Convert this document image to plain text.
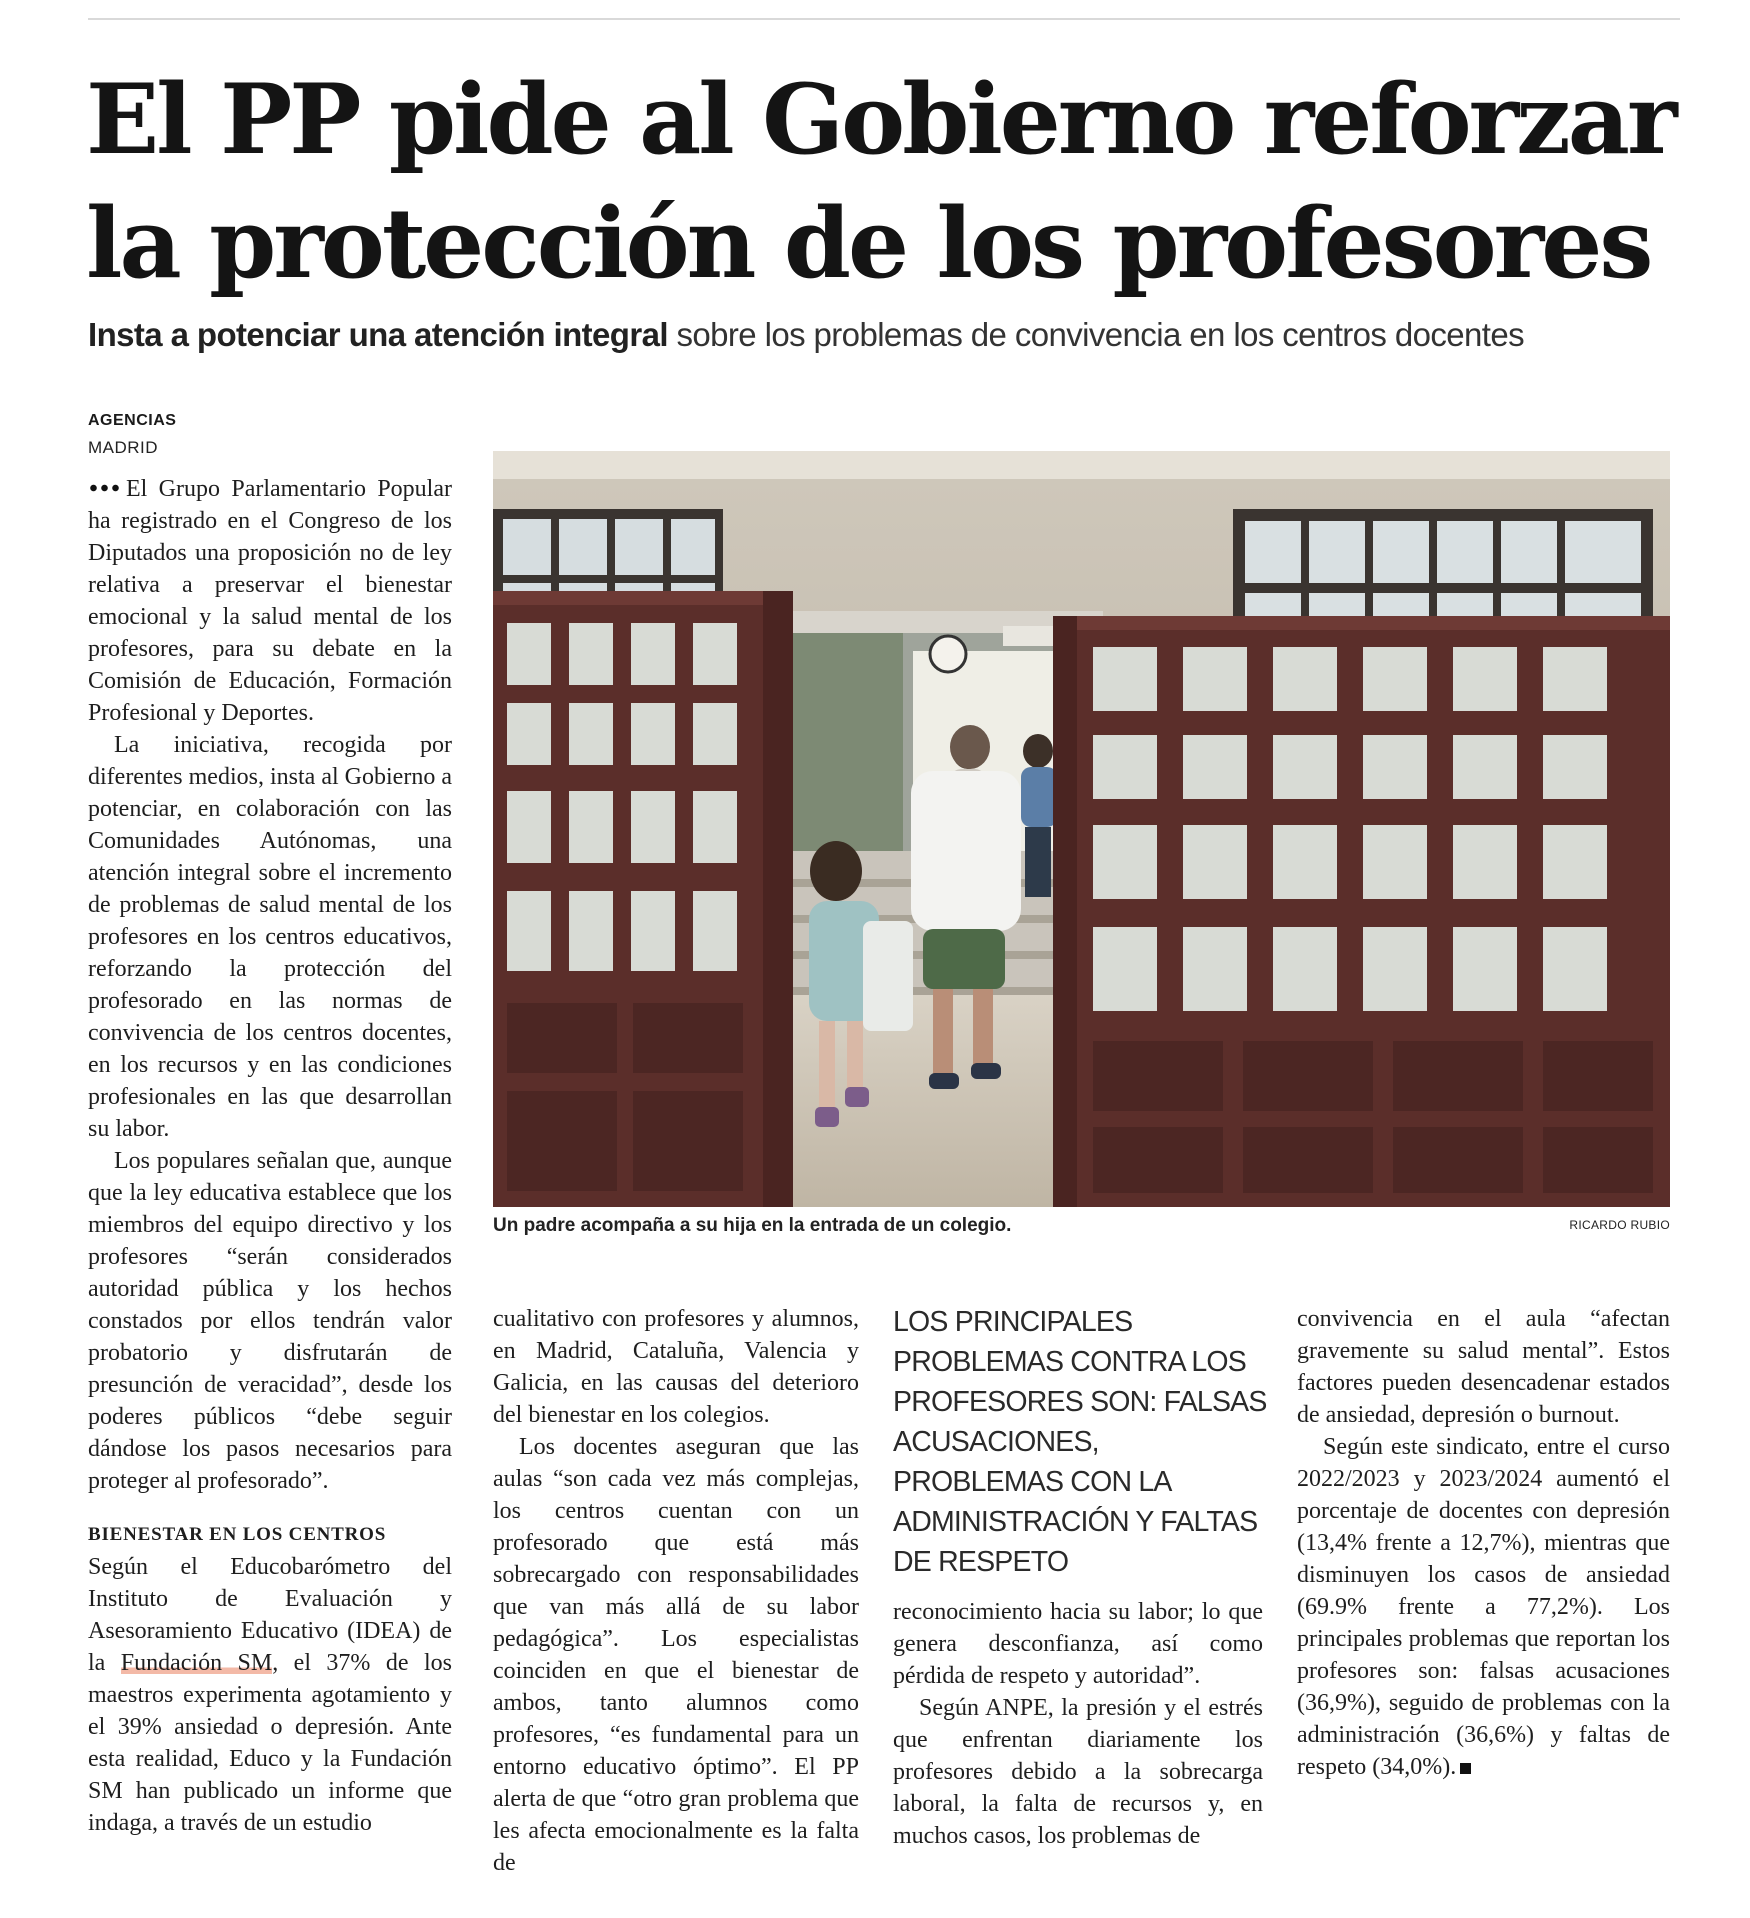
El PP pide al Gobierno reforzar
la protección de los profesores
Insta a potenciar una atención integral sobre los problemas de convivencia en los centros docentes
AGENCIAS
MADRID

El Grupo Parlamentario Popular ha registrado en el Congreso de los Diputados una proposición no de ley relativa a preservar el bienestar emocional y la salud mental de los profesores, para su debate en la Comisión de Educación, Formación Profesional y Deportes.

La iniciativa, recogida por diferentes medios, insta al Gobierno a potenciar, en colaboración con las Comunidades Autónomas, una atención integral sobre el incremento de problemas de salud mental de los profesores en los centros educativos, reforzando la protección del profesorado en las normas de convivencia de los centros docentes, en los recursos y en las condiciones profesionales en las que desarrollan su labor.

Los populares señalan que, aunque que la ley educativa establece que los miembros del equipo directivo y los profesores “serán considerados autoridad pública y los hechos constados por ellos tendrán valor probatorio y disfrutarán de presunción de veracidad”, desde los poderes públicos “debe seguir dándose los pasos necesarios para proteger al profesorado”.

BIENESTAR EN LOS CENTROS

Según el Educobarómetro del Instituto de Evaluación y Asesoramiento Educativo (IDEA) de la Fundación SM, el 37% de los maestros experimenta agotamiento y el 39% ansiedad o depresión. Ante esta realidad, Educo y la Fundación SM han publicado un informe que indaga, a través de un estudio

Un padre acompaña a su hija en la entrada de un colegio.	RICARDO RUBIO

cualitativo con profesores y alumnos, en Madrid, Cataluña, Valencia y Galicia, en las causas del deterioro del bienestar en los colegios.

Los docentes aseguran que las aulas “son cada vez más complejas, los centros cuentan con un profesorado que está más sobrecargado con responsabilidades que van más allá de su labor pedagógica”. Los especialistas coinciden en que el bienestar de ambos, tanto alumnos como profesores, “es fundamental para un entorno educativo óptimo”. El PP alerta de que “otro gran problema que les afecta emocionalmente es la falta de

LOS PRINCIPALES PROBLEMAS CONTRA LOS PROFESORES SON: FALSAS ACUSACIONES, PROBLEMAS CON LA ADMINISTRACIÓN Y FALTAS DE RESPETO

reconocimiento hacia su labor; lo que genera desconfianza, así como pérdida de respeto y autoridad”.

Según ANPE, la presión y el estrés que enfrentan diariamente los profesores debido a la sobrecarga laboral, la falta de recursos y, en muchos casos, los problemas de

convivencia en el aula “afectan gravemente su salud mental”. Estos factores pueden desencadenar estados de ansiedad, depresión o burnout.

Según este sindicato, entre el curso 2022/2023 y 2023/2024 aumentó el porcentaje de docentes con depresión (13,4% frente a 12,7%), mientras que disminuyen los casos de ansiedad (69.9% frente a 77,2%). Los principales problemas que reportan los profesores son: falsas acusaciones (36,9%), seguido de problemas con la administración (36,6%) y faltas de respeto (34,0%).
